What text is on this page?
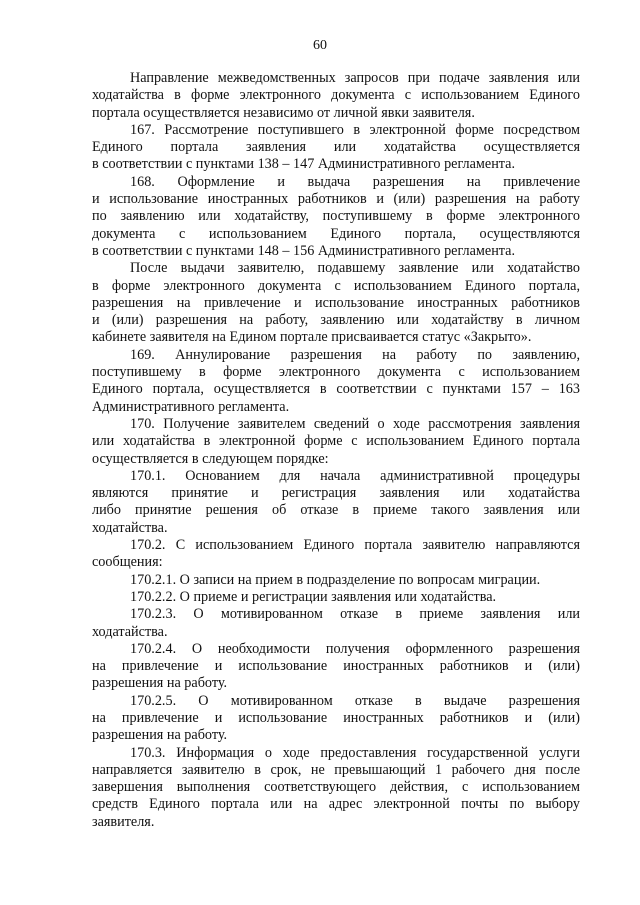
60
Направление межведомственных запросов при подаче заявления или
ходатайства в форме электронного документа с использованием Единого
портала осуществляется независимо от личной явки заявителя.
167. Рассмотрение поступившего в электронной форме посредством
Единого портала заявления или ходатайства осуществляется
в соответствии с пунктами 138 – 147 Административного регламента.
168. Оформление и выдача разрешения на привлечение
и использование иностранных работников и (или) разрешения на работу
по заявлению или ходатайству, поступившему в форме электронного
документа с использованием Единого портала, осуществляются
в соответствии с пунктами 148 – 156 Административного регламента.
После выдачи заявителю, подавшему заявление или ходатайство
в форме электронного документа с использованием Единого портала,
разрешения на привлечение и использование иностранных работников
и (или) разрешения на работу, заявлению или ходатайству в личном
кабинете заявителя на Едином портале присваивается статус «Закрыто».
169. Аннулирование разрешения на работу по заявлению,
поступившему в форме электронного документа с использованием
Единого портала, осуществляется в соответствии с пунктами 157 – 163
Административного регламента.
170. Получение заявителем сведений о ходе рассмотрения заявления
или ходатайства в электронной форме с использованием Единого портала
осуществляется в следующем порядке:
170.1. Основанием для начала административной процедуры
являются принятие и регистрация заявления или ходатайства
либо принятие решения об отказе в приеме такого заявления или
ходатайства.
170.2. С использованием Единого портала заявителю направляются
сообщения:
170.2.1. О записи на прием в подразделение по вопросам миграции.
170.2.2. О приеме и регистрации заявления или ходатайства.
170.2.3. О мотивированном отказе в приеме заявления или
ходатайства.
170.2.4. О необходимости получения оформленного разрешения
на привлечение и использование иностранных работников и (или)
разрешения на работу.
170.2.5. О мотивированном отказе в выдаче разрешения
на привлечение и использование иностранных работников и (или)
разрешения на работу.
170.3. Информация о ходе предоставления государственной услуги
направляется заявителю в срок, не превышающий 1 рабочего дня после
завершения выполнения соответствующего действия, с использованием
средств Единого портала или на адрес электронной почты по выбору
заявителя.
